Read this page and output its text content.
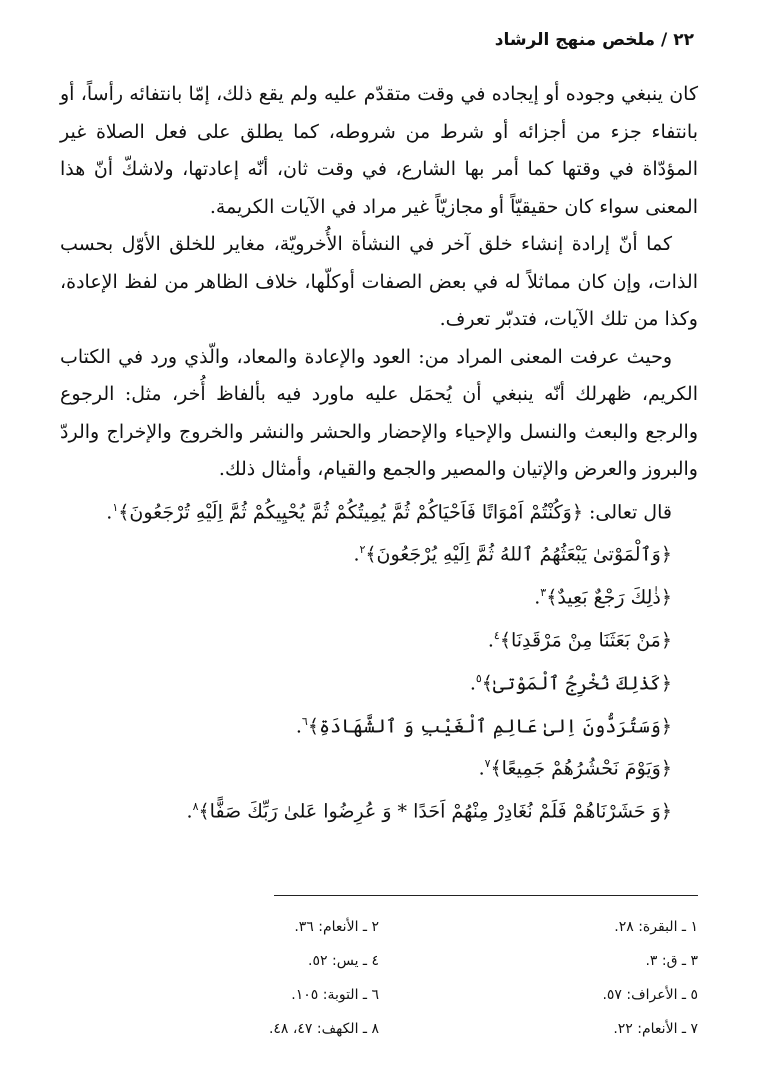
٢٢/ملخص منهج الرشاد

كان ينبغي وجوده أو إيجاده في وقت متقدّم عليه ولم يقع ذلك، إمّا بانتفائه رأساً، أو بانتفاء جزء من أجزائه أو شرط من شروطه، كما يطلق على فعل الصلاة غير المؤدّاة في وقتها كما أمر بها الشارع، في وقت ثان، أنّه إعادتها، ولاشكّ أنّ هذا المعنى سواء كان حقيقيّاً أو مجازيّاً غير مراد في الآيات الكريمة.

كما أنّ إرادة إنشاء خلق آخر في النشأة الأُخرويّة، مغاير للخلق الأوّل بحسب الذات، وإن كان مماثلاً له في بعض الصفات أوكلّها، خلاف الظاهر من لفظ الإعادة، وكذا من تلك الآيات، فتدبّر تعرف.

وحيث عرفت المعنى المراد من: العود والإعادة والمعاد، والّذي ورد في الكتاب الكريم، ظهرلك أنّه ينبغي أن يُحمَل عليه ماورد فيه بألفاظ أُخر، مثل: الرجوع والرجع والبعث والنسل والإحياء والإحضار والحشر والنشر والخروج والإخراج والردّ والبروز والعرض والإتيان والمصير والجمع والقيام، وأمثال ذلك.

قال تعالى: ﴿وَكُنْتُمْ اَمْوَاتًا فَاَحْيَاكُمْ ثُمَّ يُمِيتُكُمْ ثُمَّ يُحْيِيكُمْ ثُمَّ اِلَيْهِ تُرْجَعُونَ﴾$^١$.

﴿وَٱلْمَوْتىٰ يَبْعَثُهُمُ ٱللهُ ثُمَّ اِلَيْهِ يُرْجَعُونَ﴾$^٢$.

﴿ذٰلِكَ رَجْعٌ بَعِيدٌ﴾$^٣$.

﴿مَنْ بَعَثَنَا مِنْ مَرْقَدِنَا﴾$^٤$.

﴿كَذٰلِكَ نُخْرِجُ ٱلْمَوْتىٰ﴾$^٥$.

﴿وَسَتُرَدُّونَ اِلىٰ عَالِمِ ٱلْغَيْبِ وَ ٱلشَّهَادَةِ﴾$^٦$.

﴿وَيَوْمَ نَحْشُرُهُمْ جَمِيعًا﴾$^٧$.

﴿وَ حَشَرْنَاهُمْ فَلَمْ نُغَادِرْ مِنْهُمْ اَحَدًا * وَ عُرِضُوا عَلىٰ رَبِّكَ صَفًّا﴾$^٨$.

١ ـ البقرة: ٢٨.
٢ ـ الأنعام: ٣٦.
٣ ـ ق: ٣.
٤ ـ يس: ٥٢.
٥ ـ الأعراف: ٥٧.
٦ ـ التوبة: ١٠٥.
٧ ـ الأنعام: ٢٢.
٨ ـ الكهف: ٤٧، ٤٨.
